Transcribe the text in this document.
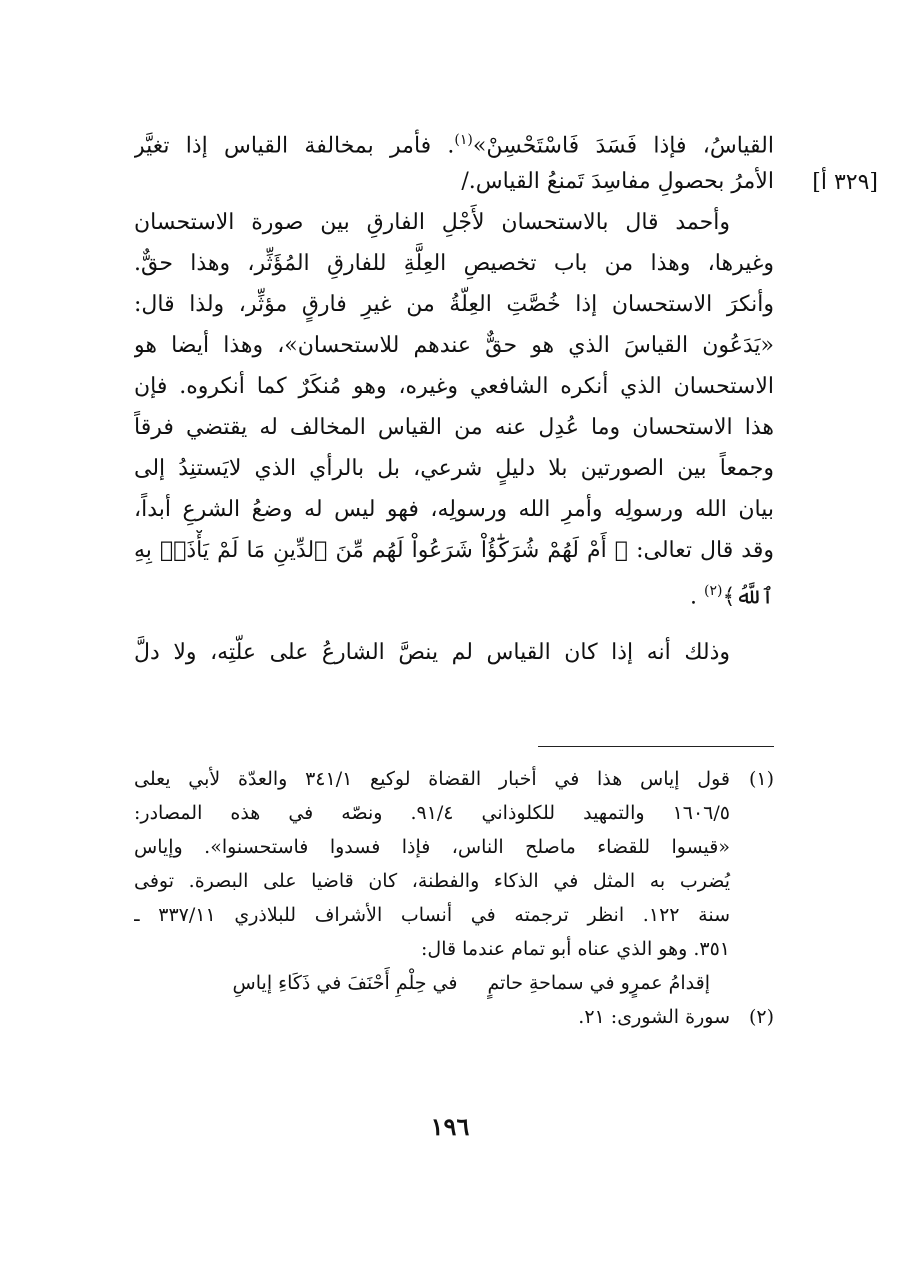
[٣٢٩ أ]
القياسُ، فإذا فَسَدَ فَاسْتَحْسِنْ»$^{(١)}$. فأمر بمخالفة القياس إذا تغيَّر
الأمرُ بحصولِ مفاسِدَ تَمنعُ القياس./
وأحمد قال بالاستحسان لأَجْلِ الفارقِ بين صورة الاستحسان
وغيرها، وهذا من باب تخصيصِ العِلَّةِ للفارقِ المُؤَثِّر، وهذا حقٌّ.
وأنكرَ الاستحسان إذا خُصَّتِ العِلّةُ من غيرِ فارقٍ مؤثِّر، ولذا قال:
«يَدَعُون القياسَ الذي هو حقٌّ عندهم للاستحسان»، وهذا أيضا هو
الاستحسان الذي أنكره الشافعي وغيره، وهو مُنكَرٌ كما أنكروه. فإن
هذا الاستحسان وما عُدِل عنه من القياس المخالف له يقتضي فرقاً
وجمعاً بين الصورتين بلا دليلٍ شرعي، بل بالرأي الذي لايَستنِدُ إلى
بيان الله ورسولِه وأمرِ الله ورسولِه، فهو ليس له وضعُ الشرعِ أبداً،
وقد قال تعالى: ﴿ أَمْ لَهُمْ شُرَكَٰٓؤُاْ شَرَعُواْ لَهُم مِّنَ ٱلدِّينِ مَا لَمْ يَأْذَنۢ بِهِ
ٱللَّهُ﴾$^{(٢)}$ .
وذلك أنه إذا كان القياس لم ينصَّ الشارعُ على علّتِه، ولا دلَّ
(١)قول إياس هذا في أخبار القضاة لوكيع ٣٤١/١ والعدّة لأبي يعلى
١٦٠٦/٥ والتمهيد للكلوذاني ٩١/٤. ونصّه في هذه المصادر:
«قيسوا للقضاء ماصلح الناس، فإذا فسدوا فاستحسنوا». وإياس
يُضرب به المثل في الذكاء والفطنة، كان قاضيا على البصرة. توفى
سنة ١٢٢. انظر ترجمته في أنساب الأشراف للبلاذري ٣٣٧/١١ ـ
٣٥١. وهو الذي عناه أبو تمام عندما قال:
إقدامُ عمرٍو في سماحةِ حاتمٍفي حِلْمِ أَحْنَفَ في ذَكَاءِ إياسِ
(٢)سورة الشورى: ٢١.
١٩٦
